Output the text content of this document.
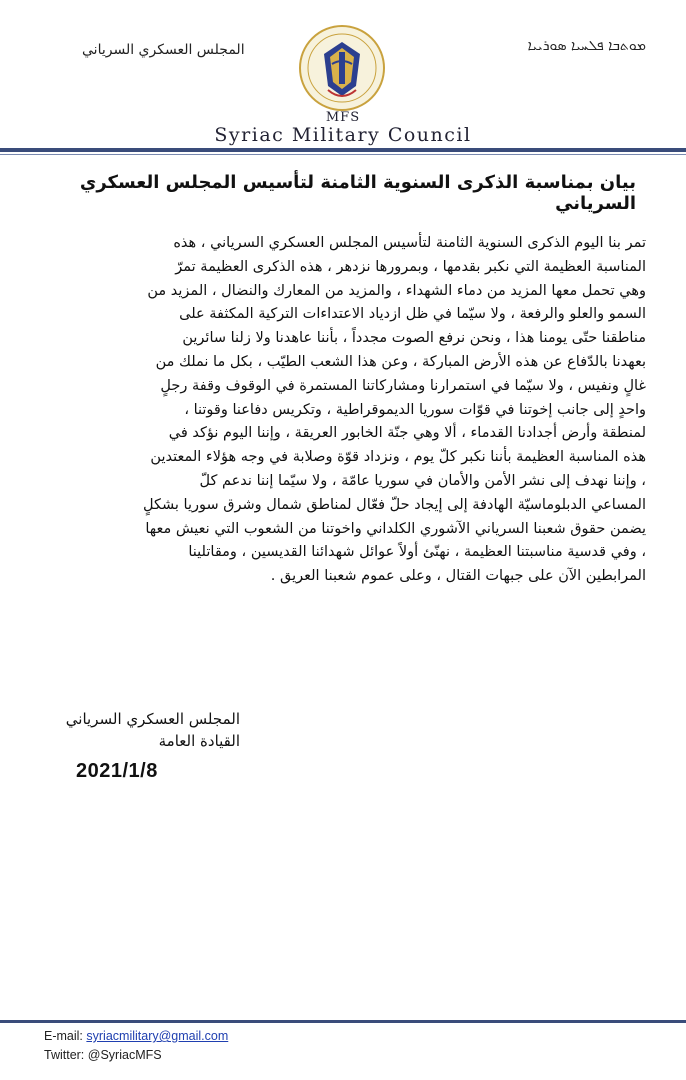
المجلس العسكري السرياني	ܡܘܬܒܐ ܦܠܚܝܐ ܣܘܪܝܝܐ
MFS
Syriac Military Council
بيان بمناسبة الذكرى السنوية الثامنة لتأسيس المجلس العسكري السرياني
تمر بنا اليوم الذكرى السنوية الثامنة لتأسيس المجلس العسكري السرياني ، هذه
المناسبة العظيمة التي نكبر بقدمها ، وبمرورها نزدهر ، هذه الذكرى العظيمة تمرّ
وهي تحمل معها المزيد من دماء الشهداء ، والمزيد من المعارك والنضال ، المزيد من
السمو والعلو والرفعة ، ولا سيّما في ظل ازدياد الاعتداءات التركية المكثفة على
مناطقنا حتّى يومنا هذا ، ونحن نرفع الصوت مجدداً ، بأننا عاهدنا ولا زلنا سائرين
بعهدنا بالدّفاع عن هذه الأرض المباركة ، وعن هذا الشعب الطيّب ، بكل ما نملك من
غالٍ ونفيس ، ولا سيّما في استمرارنا ومشاركاتنا المستمرة في الوقوف وقفة رجلٍ
واحدٍ إلى جانب إخوتنا في قوّات سوريا الديموقراطية ، وتكريس دفاعنا وقوتنا ،
لمنطقة وأرض أجدادنا القدماء ، ألا وهي جنّة الخابور العريقة ، وإننا اليوم نؤكد في
هذه المناسبة العظيمة بأننا نكبر كلّ يوم ، ونزداد قوّة وصلابة في وجه هؤلاء المعتدين
، وإننا نهدف إلى نشر الأمن والأمان في سوريا عامّة ، ولا سيّما إننا ندعم كلّ
المساعي الدبلوماسيّة الهادفة إلى إيجاد حلّ فعّال لمناطق شمال وشرق سوريا بشكلٍ
يضمن حقوق شعبنا السرياني الآشوري الكلداني واخوتنا من الشعوب التي نعيش معها
، وفي قدسية مناسبتنا العظيمة ، نهنّئ أولاً عوائل شهدائنا القديسين ، ومقاتلينا
المرابطين الآن على جبهات القتال ، وعلى عموم شعبنا العريق .
المجلس العسكري السرياني
القيادة العامة
2021/1/8
E-mail: syriacmilitary@gmail.com
Twitter: @SyriacMFS
